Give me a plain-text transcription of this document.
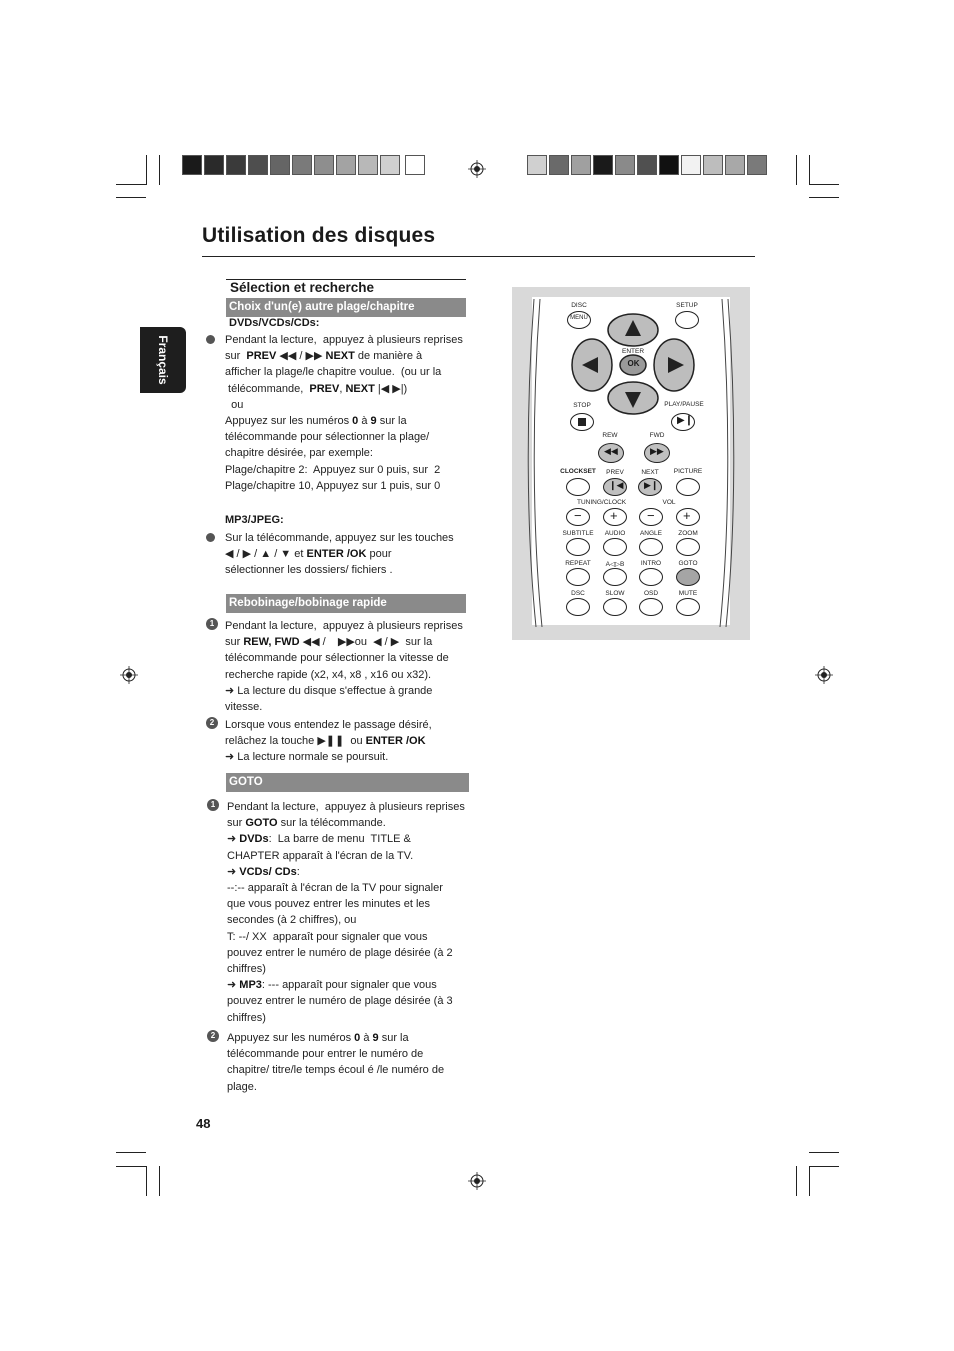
Utilisation des disques
Français
Sélection et recherche
Choix d'un(e) autre plage/chapitre
DVDs/VCDs/CDs:
Pendant la lecture,  appuyez à plusieurs reprises
sur  PREV ◀◀ / ▶▶ NEXT de manière à
afficher la plage/le chapitre voulue.  (ou ur la
télécommande,  PREV, NEXT |◀ ▶|)
ou
Appuyez sur les numéros 0 à 9 sur la
télécommande pour sélectionner la plage/
chapitre désirée, par exemple:
Plage/chapitre 2:  Appuyez sur 0 puis, sur  2
Plage/chapitre 10, Appuyez sur 1 puis, sur 0
MP3/JPEG:
Sur la télécommande, appuyez sur les touches
◀ / ▶ / ▲ / ▼ et ENTER /OK pour
sélectionner les dossiers/ fichiers .
Rebobinage/bobinage rapide
1 Pendant la lecture,  appuyez à plusieurs reprises
sur REW, FWD ◀◀ /    ▶▶ou  ◀ / ▶  sur la
télécommande pour sélectionner la vitesse de
recherche rapide (x2, x4, x8 , x16 ou x32).
➜ La lecture du disque s'effectue à grande
vitesse.
2 Lorsque vous entendez le passage désiré,
relâchez la touche ▶❚❚  ou ENTER /OK
➜ La lecture normale se poursuit.
GOTO
1	Pendant la lecture,  appuyez à plusieurs reprises
sur GOTO sur la télécommande.
➜ DVDs:  La barre de menu  TITLE &
CHAPTER apparaît à l'écran de la TV.
➜ VCDs/ CDs:
--:-- apparaît à l'écran de la TV pour signaler
que vous pouvez entrer les minutes et les
secondes (à 2 chiffres), ou
T: --/ XX  apparaît pour signaler que vous
pouvez entrer le numéro de plage désirée (à 2
chiffres)
➜ MP3: --- apparaît pour signaler que vous
pouvez entrer le numéro de plage désirée (à 3
chiffres)
2	Appuyez sur les numéros 0 à 9 sur la
télécommande pour entrer le numéro de
chapitre/ titre/le temps écoul é /le numéro de
plage.
48
OK
ENTER
DISC
MENU
SETUP
STOP	PLAY/PAUSE
▶❙
REW
◀◀
FWD
▶▶
CLOCKSET	PREV
❙◀
NEXT
▶❙
PICTURE
TUNING/CLOCK	VOL
− + − +
SUBTITLE	AUDIO	ANGLE	ZOOM
REPEAT	A◁▷B	INTRO	GOTO
DSC	SLOW	OSD	MUTE
